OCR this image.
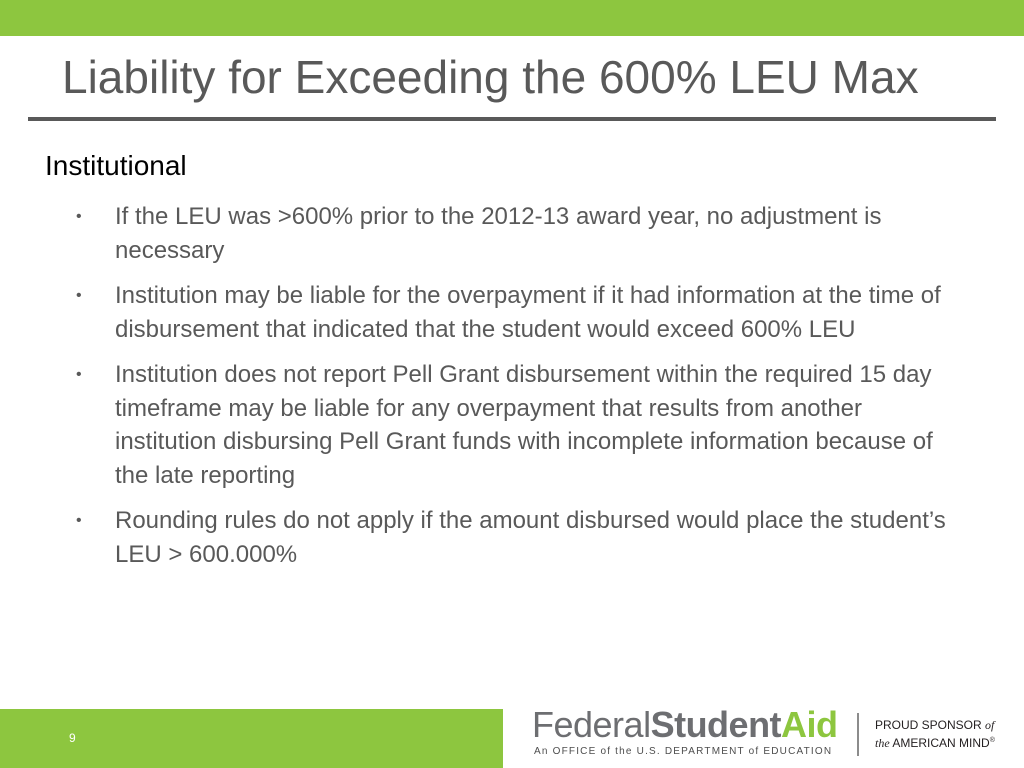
Liability for Exceeding the 600% LEU Max
Institutional
• If the LEU was >600% prior to the 2012-13 award year, no adjustment is necessary
• Institution may be liable for the overpayment if it had information at the time of disbursement that indicated that the student would exceed 600% LEU
• Institution does not report Pell Grant disbursement within the required 15 day timeframe may be liable for any overpayment that results from another institution disbursing Pell Grant funds with incomplete information because of the late reporting
• Rounding rules do not apply if the amount disbursed would place the student’s LEU > 600.000%
9	FederalStudentAid
An OFFICE of the U.S. DEPARTMENT of EDUCATION
PROUD SPONSOR of
the AMERICAN MIND®
